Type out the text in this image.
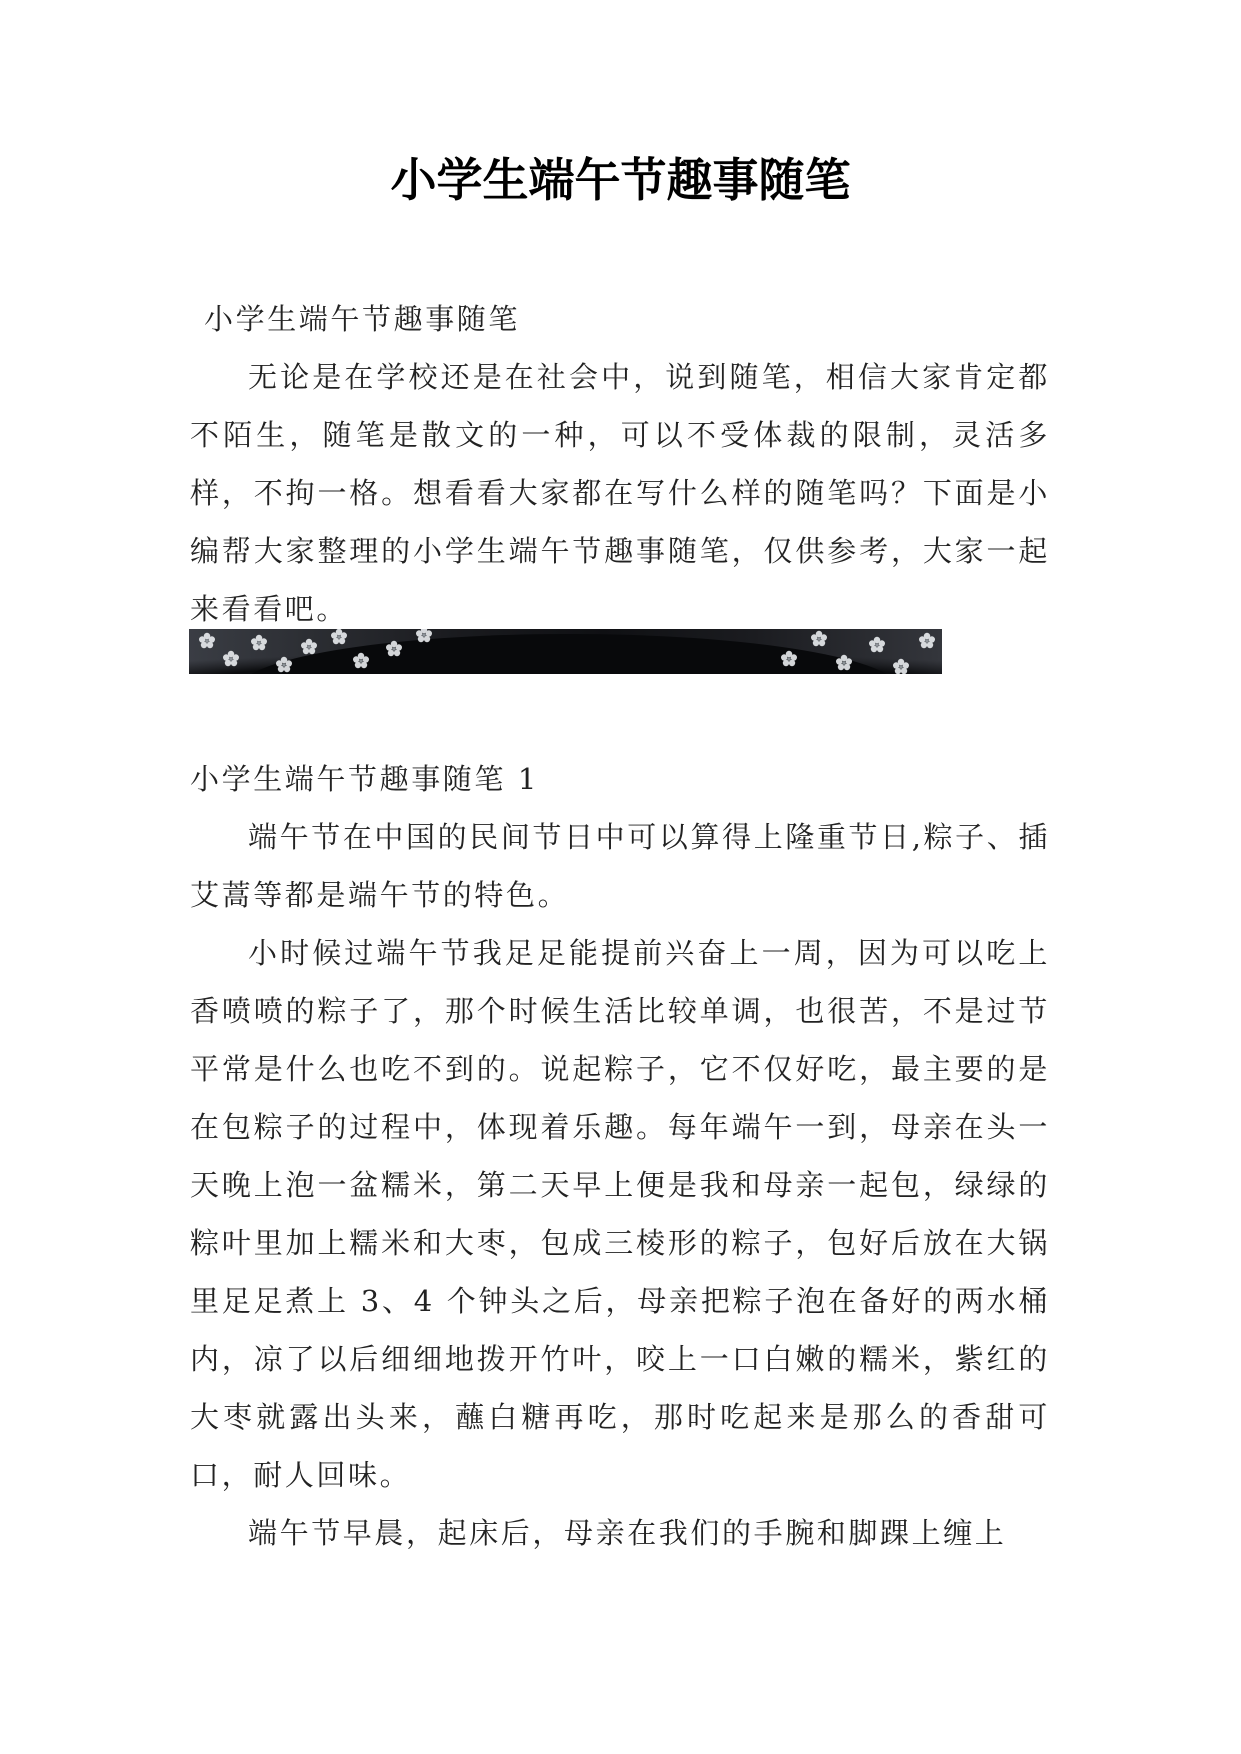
小学生端午节趣事随笔

小学生端午节趣事随笔

无论是在学校还是在社会中，说到随笔，相信大家肯定都不陌生，随笔是散文的一种，可以不受体裁的限制，灵活多样，不拘一格。想看看大家都在写什么样的随笔吗？下面是小编帮大家整理的小学生端午节趣事随笔，仅供参考，大家一起来看看吧。

小学生端午节趣事随笔 1

端午节在中国的民间节日中可以算得上隆重节日,粽子、插艾蒿等都是端午节的特色。

小时候过端午节我足足能提前兴奋上一周，因为可以吃上香喷喷的粽子了，那个时候生活比较单调，也很苦，不是过节平常是什么也吃不到的。说起粽子，它不仅好吃，最主要的是在包粽子的过程中，体现着乐趣。每年端午一到，母亲在头一天晚上泡一盆糯米，第二天早上便是我和母亲一起包，绿绿的粽叶里加上糯米和大枣，包成三棱形的粽子，包好后放在大锅里足足煮上 3、4 个钟头之后，母亲把粽子泡在备好的两水桶内，凉了以后细细地拨开竹叶，咬上一口白嫩的糯米，紫红的大枣就露出头来，蘸白糖再吃，那时吃起来是那么的香甜可口，耐人回味。

端午节早晨，起床后，母亲在我们的手腕和脚踝上缠上
